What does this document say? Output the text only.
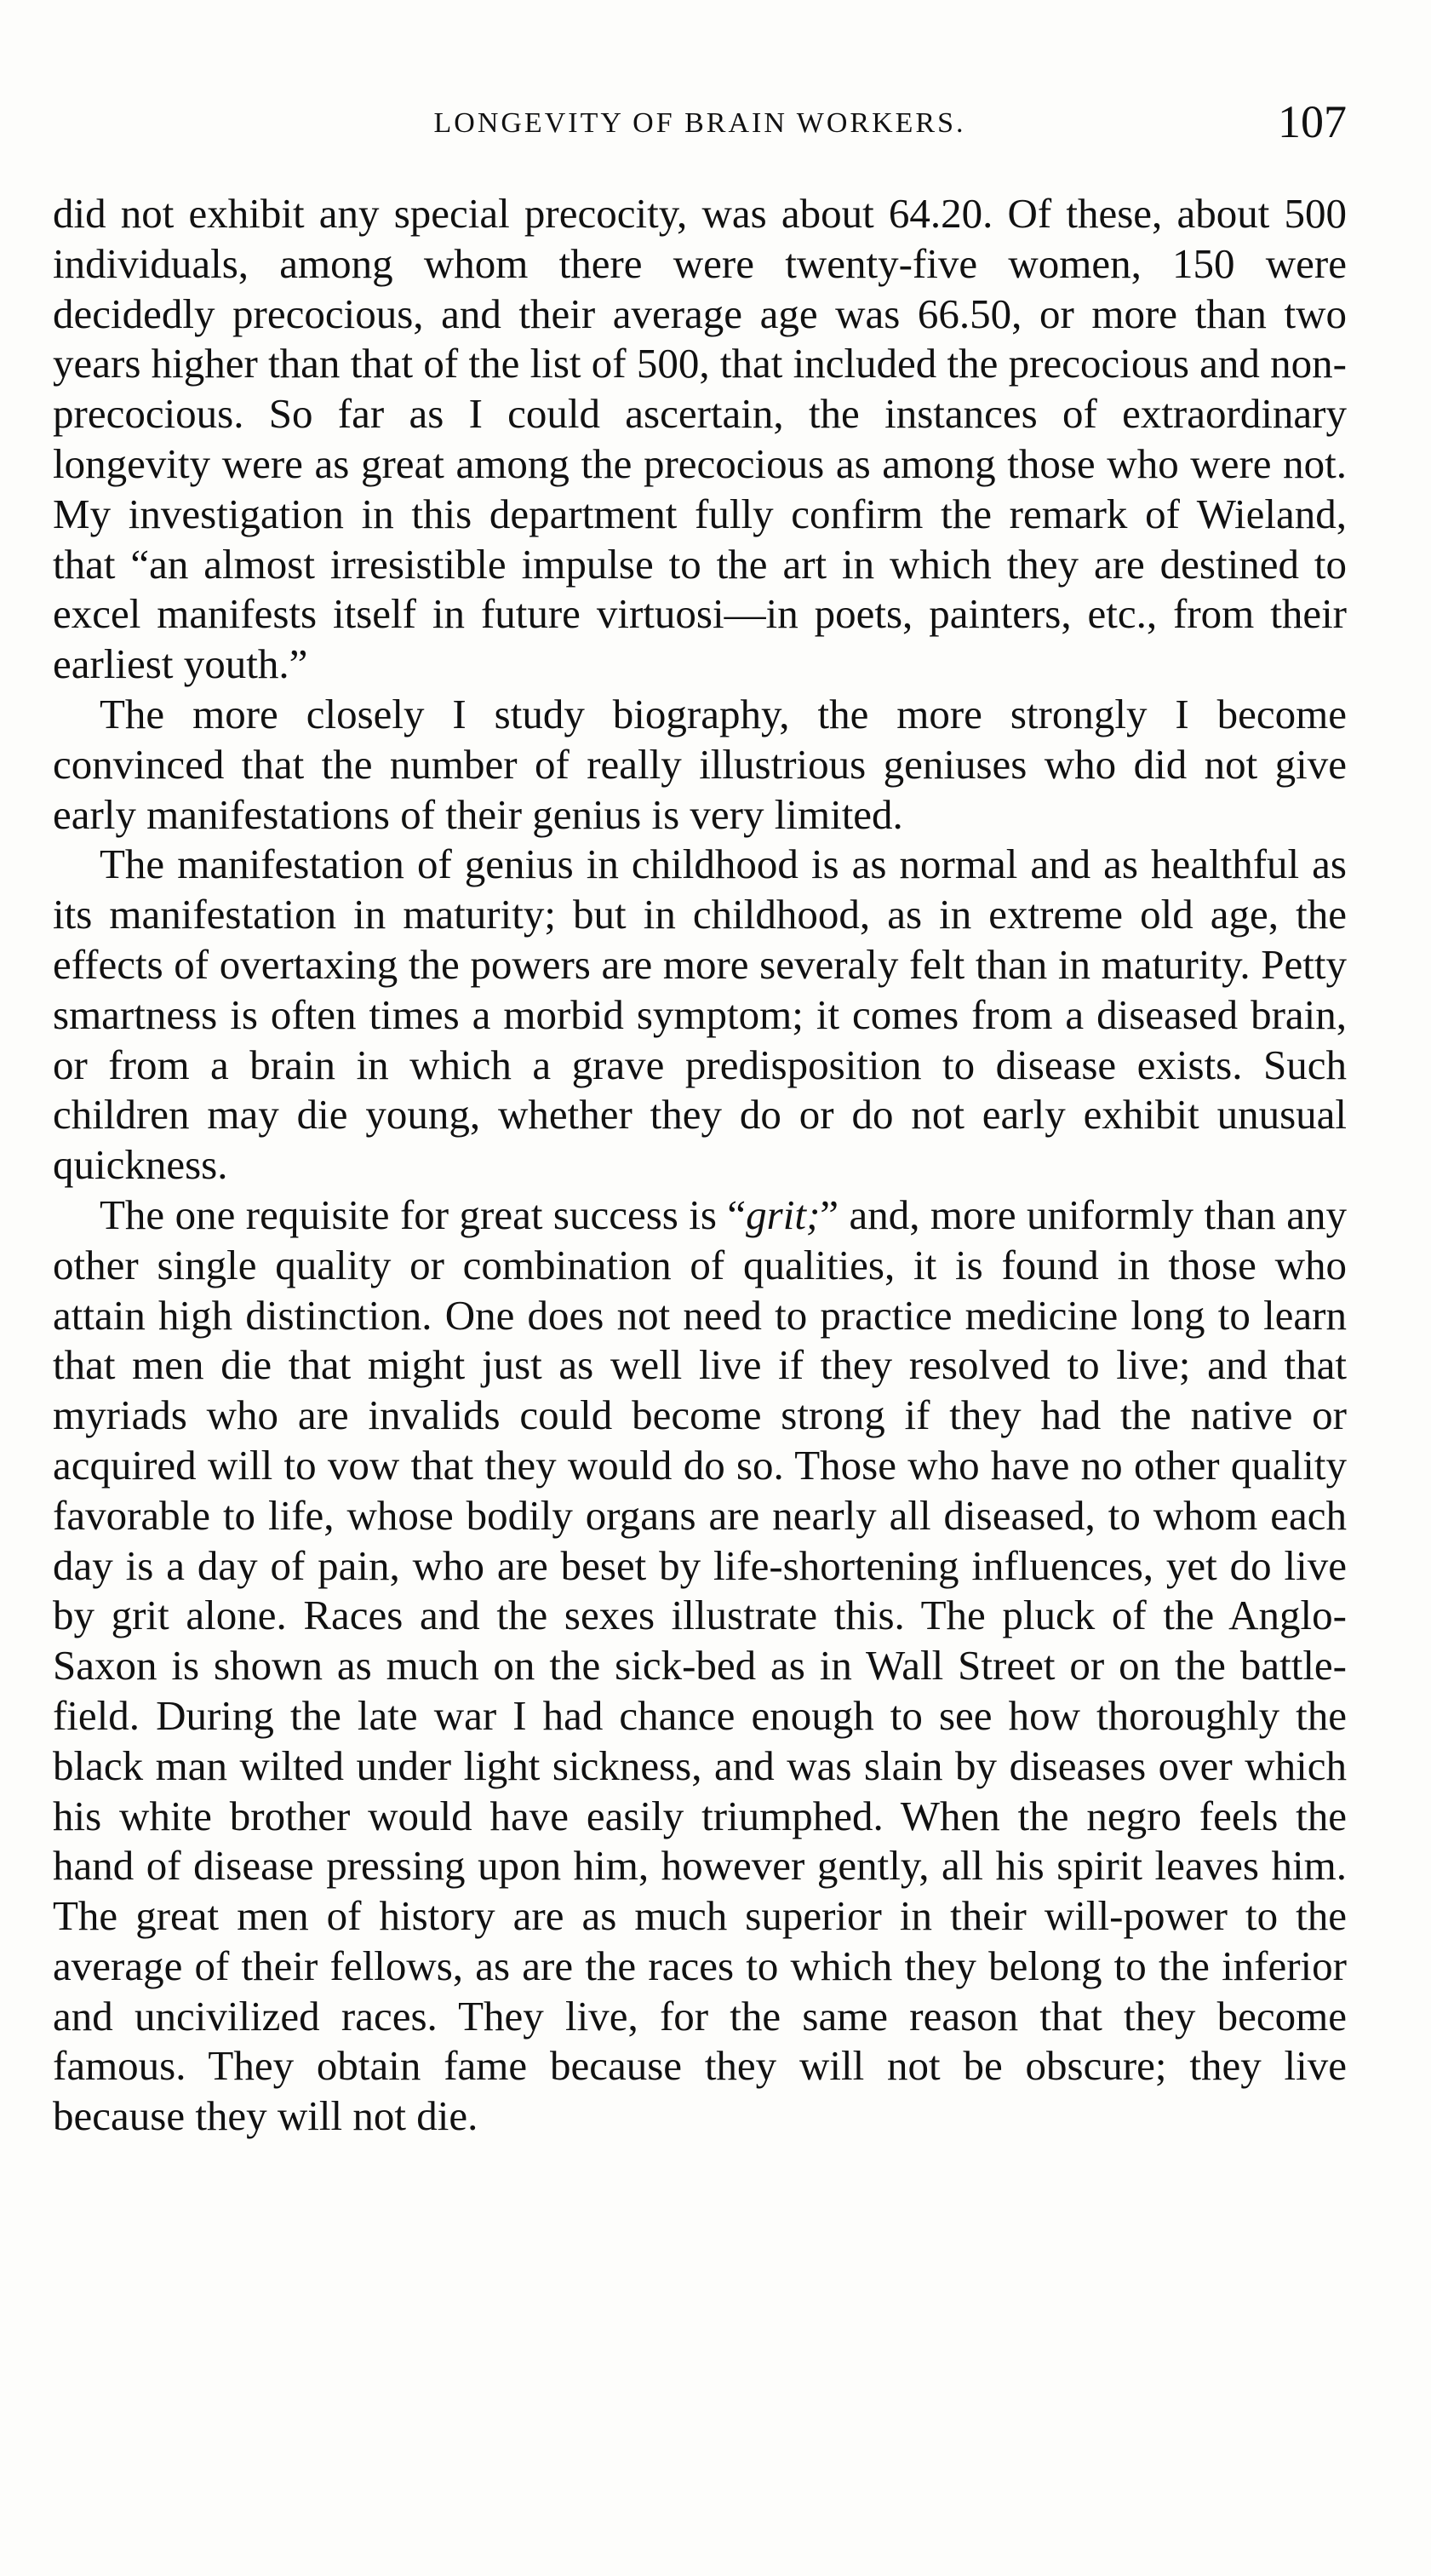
LONGEVITY OF BRAIN WORKERS.	107

did not exhibit any special precocity, was about 64.20. Of these, about 500 individuals, among whom there were twenty-five women, 150 were decidedly precocious, and their average age was 66.50, or more than two years higher than that of the list of 500, that included the precocious and non-precocious. So far as I could ascertain, the instances of extraordinary longevity were as great among the precocious as among those who were not. My investigation in this department fully confirm the remark of Wieland, that “an almost irresistible impulse to the art in which they are destined to excel manifests itself in future virtuosi—in poets, painters, etc., from their earliest youth.”

The more closely I study biography, the more strongly I become convinced that the number of really illustrious geniuses who did not give early manifestations of their genius is very limited.

The manifestation of genius in childhood is as normal and as healthful as its manifestation in maturity; but in childhood, as in extreme old age, the effects of overtaxing the powers are more severaly felt than in maturity. Petty smartness is often times a morbid symptom; it comes from a diseased brain, or from a brain in which a grave predisposition to disease exists. Such children may die young, whether they do or do not early exhibit unusual quickness.

The one requisite for great success is “grit;” and, more uniformly than any other single quality or combination of qualities, it is found in those who attain high distinction. One does not need to practice medicine long to learn that men die that might just as well live if they resolved to live; and that myriads who are invalids could become strong if they had the native or acquired will to vow that they would do so. Those who have no other quality favorable to life, whose bodily organs are nearly all diseased, to whom each day is a day of pain, who are beset by life-shortening influences, yet do live by grit alone. Races and the sexes illustrate this. The pluck of the Anglo-Saxon is shown as much on the sick-bed as in Wall Street or on the battle-field. During the late war I had chance enough to see how thoroughly the black man wilted under light sickness, and was slain by diseases over which his white brother would have easily triumphed. When the negro feels the hand of disease pressing upon him, however gently, all his spirit leaves him. The great men of history are as much superior in their will-power to the average of their fellows, as are the races to which they belong to the inferior and uncivilized races. They live, for the same reason that they become famous. They obtain fame because they will not be obscure; they live because they will not die.
